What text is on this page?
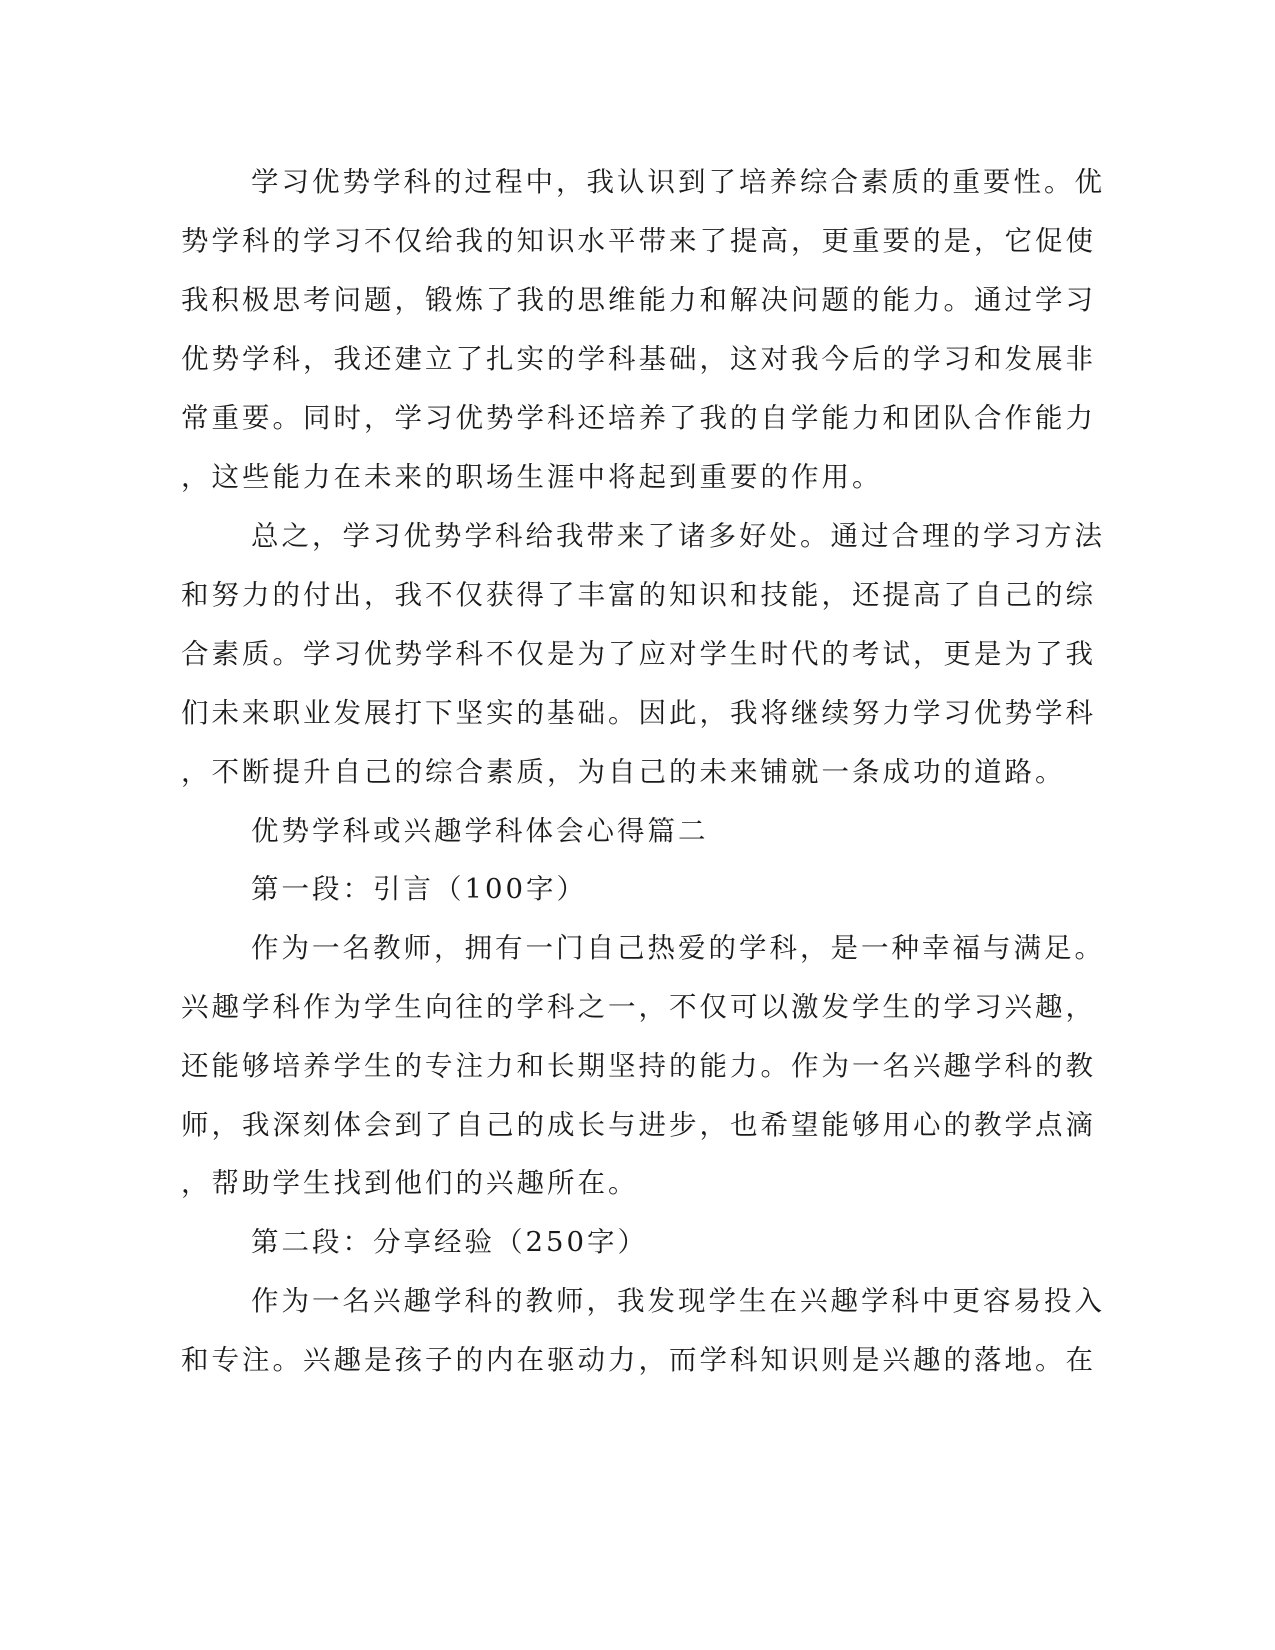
学习优势学科的过程中，我认识到了培养综合素质的重要性。优

势学科的学习不仅给我的知识水平带来了提高，更重要的是，它促使

我积极思考问题，锻炼了我的思维能力和解决问题的能力。通过学习

优势学科，我还建立了扎实的学科基础，这对我今后的学习和发展非

常重要。同时，学习优势学科还培养了我的自学能力和团队合作能力

，这些能力在未来的职场生涯中将起到重要的作用。

总之，学习优势学科给我带来了诸多好处。通过合理的学习方法

和努力的付出，我不仅获得了丰富的知识和技能，还提高了自己的综

合素质。学习优势学科不仅是为了应对学生时代的考试，更是为了我

们未来职业发展打下坚实的基础。因此，我将继续努力学习优势学科

，不断提升自己的综合素质，为自己的未来铺就一条成功的道路。

优势学科或兴趣学科体会心得篇二

第一段：引言（100字）

作为一名教师，拥有一门自己热爱的学科，是一种幸福与满足。

兴趣学科作为学生向往的学科之一，不仅可以激发学生的学习兴趣，

还能够培养学生的专注力和长期坚持的能力。作为一名兴趣学科的教

师，我深刻体会到了自己的成长与进步，也希望能够用心的教学点滴

，帮助学生找到他们的兴趣所在。

第二段：分享经验（250字）

作为一名兴趣学科的教师，我发现学生在兴趣学科中更容易投入

和专注。兴趣是孩子的内在驱动力，而学科知识则是兴趣的落地。在
